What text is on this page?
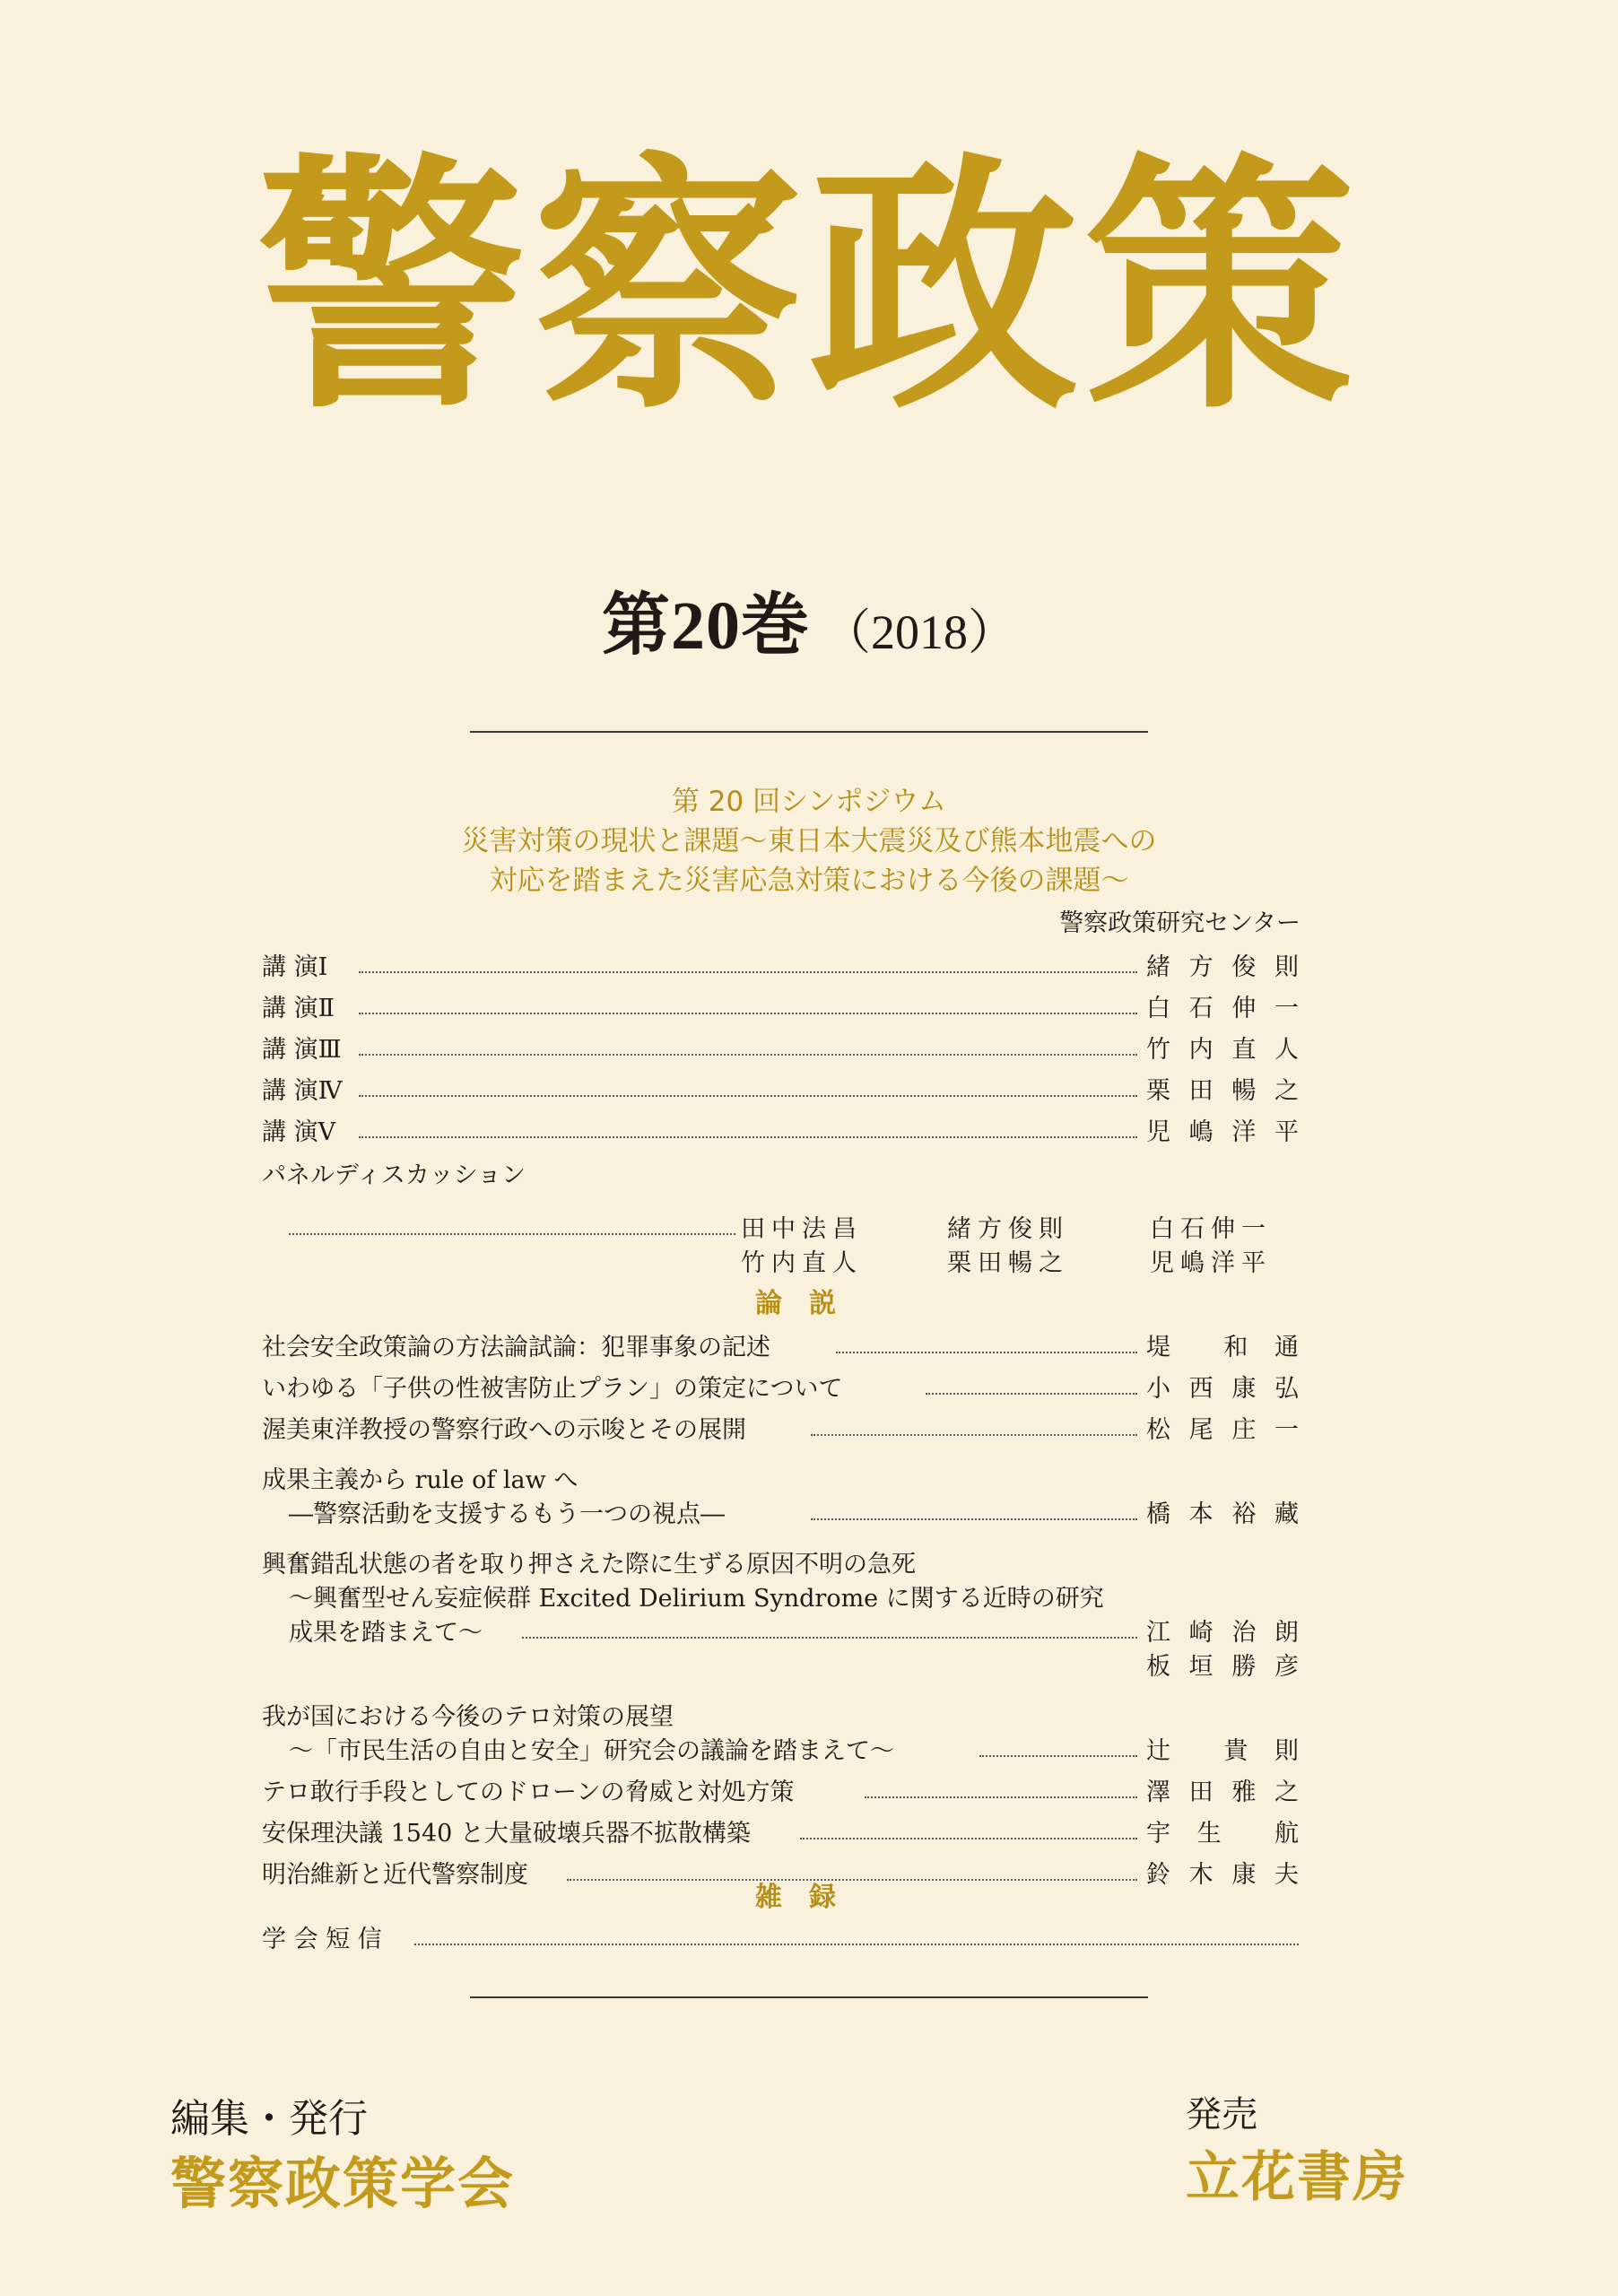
警察政策
第20巻 （2018）
第 20 回シンポジウム
災害対策の現状と課題〜東日本大震災及び熊本地震への
対応を踏まえた災害応急対策における今後の課題〜
警察政策研究センター
講 演Ⅰ	緒 方 俊 則
講 演Ⅱ	白 石 伸 一
講 演Ⅲ	竹 内 直 人
講 演Ⅳ	栗 田 暢 之
講 演Ⅴ	児 嶋 洋 平
パネルディスカッション
田中法昌	緒方俊則	白石伸一
竹内直人	栗田暢之	児嶋洋平
論説
社会安全政策論の方法論試論：犯罪事象の記述	堤 和 通
いわゆる「子供の性被害防止プラン」の策定について	小 西 康 弘
渥美東洋教授の警察行政への示唆とその展開	松 尾 庄 一
成果主義から rule of law へ
―警察活動を支援するもう一つの視点―	橋 本 裕 藏
興奮錯乱状態の者を取り押さえた際に生ずる原因不明の急死
〜興奮型せん妄症候群 Excited Delirium Syndrome に関する近時の研究
成果を踏まえて〜	江 崎 治 朗
板 垣 勝 彦
我が国における今後のテロ対策の展望
〜「市民生活の自由と安全」研究会の議論を踏まえて〜	辻 貴 則
テロ敢行手段としてのドローンの脅威と対処方策	澤 田 雅 之
安保理決議 1540 と大量破壊兵器不拡散構築	宇 生 航
明治維新と近代警察制度	鈴 木 康 夫
雑録
学 会 短 信
編集・発行
警察政策学会
発売
立花書房
